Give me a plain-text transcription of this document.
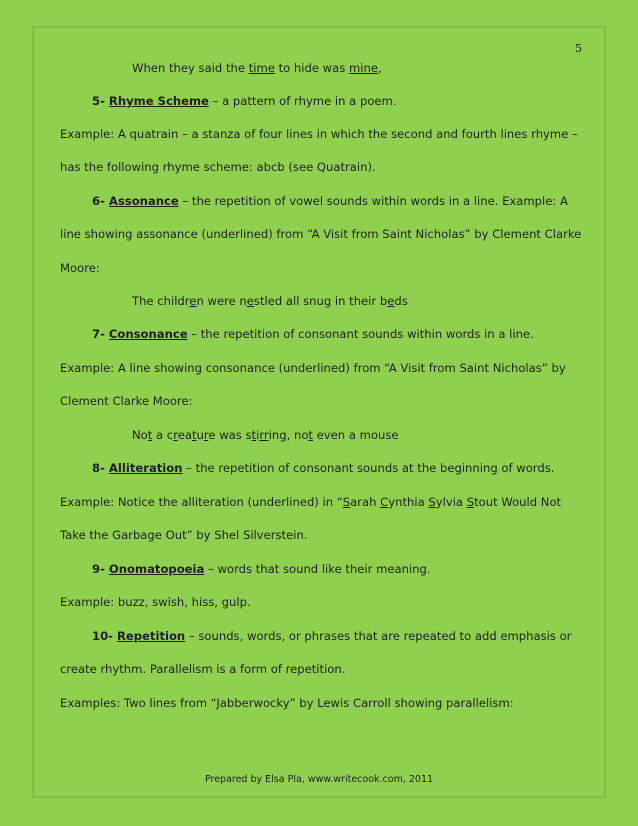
5
When they said the time to hide was mine,
5- Rhyme Scheme – a pattern of rhyme in a poem.
Example: A quatrain – a stanza of four lines in which the second and fourth lines rhyme –
has the following rhyme scheme: abcb (see Quatrain).
6- Assonance – the repetition of vowel sounds within words in a line. Example: A
line showing assonance (underlined) from “A Visit from Saint Nicholas” by Clement Clarke
Moore:
The children were nestled all snug in their beds
7- Consonance – the repetition of consonant sounds within words in a line.
Example: A line showing consonance (underlined) from “A Visit from Saint Nicholas” by
Clement Clarke Moore:
Not a creature was stirring, not even a mouse
8- Alliteration – the repetition of consonant sounds at the beginning of words.
Example: Notice the alliteration (underlined) in “Sarah Cynthia Sylvia Stout Would Not
Take the Garbage Out” by Shel Silverstein.
9- Onomatopoeia – words that sound like their meaning.
Example: buzz, swish, hiss, gulp.
10- Repetition – sounds, words, or phrases that are repeated to add emphasis or
create rhythm. Parallelism is a form of repetition.
Examples: Two lines from “Jabberwocky” by Lewis Carroll showing parallelism:
Prepared by Elsa Pla, www.writecook.com, 2011
